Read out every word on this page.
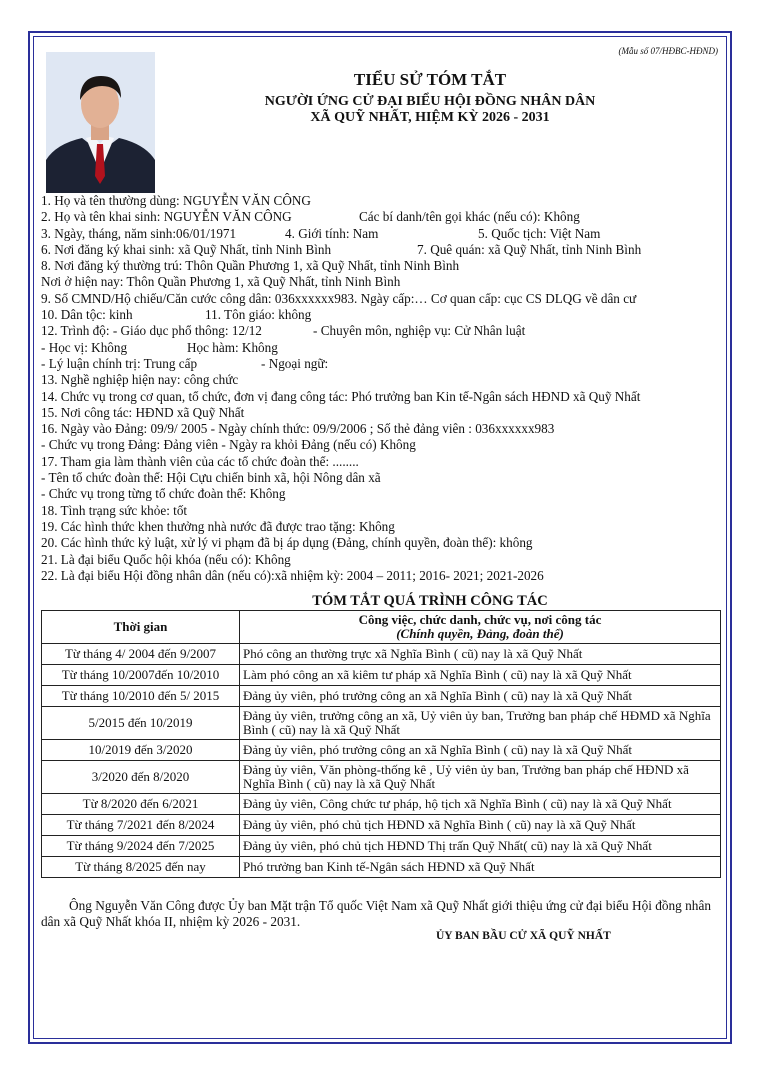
(Mẫu số 07/HĐBC-HĐND)
TIỂU SỬ TÓM TẮT
NGƯỜI ỨNG CỬ ĐẠI BIỂU HỘI ĐỒNG NHÂN DÂN
XÃ QUỸ NHẤT, HIỆM KỲ 2026 - 2031
1. Họ và tên thường dùng: NGUYỄN VĂN CÔNG
2. Họ và tên khai sinh: NGUYỄN VĂN CÔNG	Các bí danh/tên gọi khác (nếu có): Không
3. Ngày, tháng, năm sinh:06/01/1971	4. Giới tính: Nam	5. Quốc tịch: Việt Nam
6. Nơi đăng ký khai sinh: xã Quỹ Nhất, tỉnh Ninh Bình	7. Quê quán: xã Quỹ Nhất, tỉnh Ninh Bình
8. Nơi đăng ký thường trú: Thôn Quần Phương 1, xã Quỹ Nhất, tỉnh Ninh Bình
Nơi ở hiện nay: Thôn Quần Phương 1, xã Quỹ Nhất, tỉnh Ninh Bình
9. Số CMND/Hộ chiếu/Căn cước công dân: 036xxxxxx983. Ngày cấp:… Cơ quan cấp: cục CS DLQG về dân cư
10. Dân tộc: kinh	11. Tôn giáo: không
12. Trình độ: - Giáo dục phổ thông: 12/12	- Chuyên môn, nghiệp vụ: Cử Nhân luật
- Học vị: Không	Học hàm: Không
- Lý luận chính trị: Trung cấp	- Ngoại ngữ:
13. Nghề nghiệp hiện nay: công chức
14. Chức vụ trong cơ quan, tổ chức, đơn vị đang công tác: Phó trưởng ban Kin tế-Ngân sách HĐND xã Quỹ Nhất
15. Nơi công tác: HĐND xã Quỹ Nhất
16. Ngày vào Đảng: 09/9/ 2005 - Ngày chính thức: 09/9/2006 ; Số thẻ đảng viên : 036xxxxxx983
- Chức vụ trong Đảng: Đảng viên - Ngày ra khỏi Đảng (nếu có) Không
17. Tham gia làm thành viên của các tổ chức đoàn thể: ........
- Tên tổ chức đoàn thể: Hội Cựu chiến binh xã, hội Nông dân xã
- Chức vụ trong từng tổ chức đoàn thể: Không
18. Tình trạng sức khỏe: tốt
19. Các hình thức khen thưởng nhà nước đã được trao tặng: Không
20. Các hình thức kỷ luật, xử lý vi phạm đã bị áp dụng (Đảng, chính quyền, đoàn thể): không
21. Là đại biểu Quốc hội khóa (nếu có): Không
22. Là đại biểu Hội đồng nhân dân (nếu có):xã nhiệm kỳ: 2004 – 2011; 2016- 2021; 2021-2026
TÓM TẮT QUÁ TRÌNH CÔNG TÁC
Thời gian	Công việc, chức danh, chức vụ, nơi công tác
(Chính quyền, Đảng, đoàn thể)

Từ tháng 4/ 2004 đến 9/2007	Phó công an thường trực xã Nghĩa Bình ( cũ) nay là xã Quỹ Nhất
Từ tháng 10/2007đến 10/2010	Làm phó công an xã kiêm tư pháp xã Nghĩa Bình ( cũ) nay là xã Quỹ Nhất
Từ tháng 10/2010 đến 5/ 2015	Đảng ủy viên, phó trưởng công an xã Nghĩa Bình ( cũ) nay là xã Quỹ Nhất
5/2015 đến 10/2019	Đảng ủy viên, trưởng công an xã, Uỷ viên ủy ban, Trưởng ban pháp chế HĐMD xã Nghĩa Bình ( cũ) nay là xã Quỹ Nhất
10/2019 đến 3/2020	Đảng ủy viên, phó trưởng công an xã Nghĩa Bình ( cũ) nay là xã Quỹ Nhất
3/2020 đến 8/2020	Đảng ủy viên, Văn phòng-thống kê , Uỷ viên ủy ban, Trưởng ban pháp chế HĐND xã Nghĩa Bình ( cũ) nay là xã Quỹ Nhất
Từ 8/2020 đến 6/2021	Đảng ủy viên, Công chức tư pháp, hộ tịch xã Nghĩa Bình ( cũ) nay là xã Quỹ Nhất
Từ tháng 7/2021 đến 8/2024	Đảng ủy viên, phó chủ tịch HĐND xã Nghĩa Bình ( cũ) nay là xã Quỹ Nhất
Từ tháng 9/2024 đến 7/2025	Đảng ủy viên, phó chủ tịch HĐND Thị trấn Quỹ Nhất( cũ) nay là xã Quỹ Nhất
Từ tháng 8/2025 đến nay	Phó trưởng ban Kinh tế-Ngân sách HĐND xã Quỹ Nhất
Ông Nguyễn Văn Công được Ủy ban Mặt trận Tổ quốc Việt Nam xã Quỹ Nhất giới thiệu ứng cử đại biểu Hội đồng nhân dân xã Quỹ Nhất khóa II, nhiệm kỳ 2026 - 2031.
ỦY BAN BẦU CỬ XÃ QUỸ NHẤT
